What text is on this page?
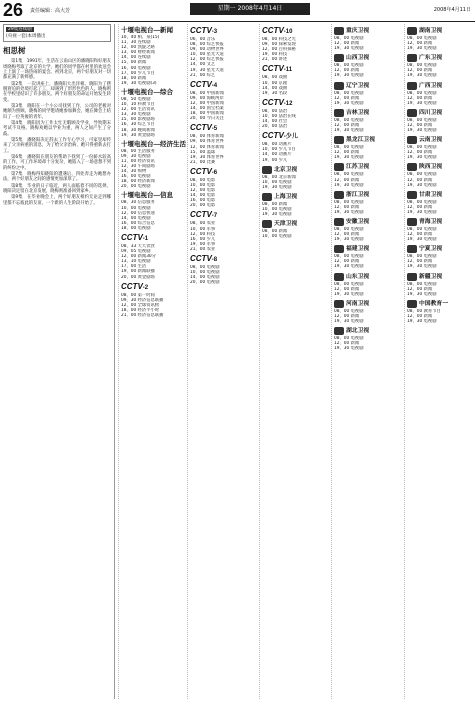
26 责任编辑：高大芳	星期一 2008年4月14日	2008年4月11日
29集连续剧
(央视一套)本周播出
相思树
第1集　1991年，生活在云南山区的潘晓阳和好朋友周晓梅考取了北京的大学，她们的同学都在村里的欢送会上上演了一场热闹的宴会。初到北京，两个好朋友对一切都充满了新鲜感。
第2集　一次讲座上，潘晓阳大出洋相。晓阳为了摆脱窘迫的处境打起了工，却遇到了形形色色的人。晓梅则在学校里结识了许多朋友。两个好朋友的命运开始发生转变。
第3集　晓阳在一个小公司找到工作，公司的老板对她颇为照顾。晓梅的同学邀请她参加舞会，她在舞会上结识了一位英俊的青年。
第4集　晓阳因为工作太忙无暇顾及学业，导致期末考试不及格。晓梅劝她以学业为重，两人之间产生了分歧。
第5集　潘晓阳决定辞去工作专心学习，可家里却传来了父亲病重的消息，为了给父亲治病，她只得重新去打工。
第6集　潘晓阳在朋友的帮助下找到了一份薪水较高的工作，可工作环境却十分复杂，她陷入了一场意想不到的纠纷之中。
第7集　晓梅得知晓阳的遭遇后，四处奔走为她想办法，两个好朋友之间的感情更加深厚了。
第8集　毕业的日子临近，两人面临着不同的选择，晓阳决定留在北京发展，晓梅则准备回到家乡。
第9集　在毕业晚会上，两个好朋友相约无论走到哪里都不忘彼此的友谊，一个新的人生阶段开始了。
十堰电视台—新闻
10、40 相、泉(15)
11、30 连续剧
12、00 凯旋之路
13、00 财经新闻
14、00 连续剧
15、00 新闻
16、00 电视剧
17、00 少儿节目
18、00 新闻
19、30 电视剧(3)
十堰电视台—综合
08、50 电视剧
10、10 科教节目
12、00 生活资讯
13、30 电视剧
15、00 影视剧场
16、30 综艺节目
18、30 晚间新闻
19、30 黄金剧场
十堰电视台—经济生活
08、00 生活服务
09、30 电视剧
11、00 经济资讯
12、30 午间剧场
14、30 购物
16、00 电视剧
18、00 经济新闻
20、00 电视剧
十堰电视台—信息
08、30 信息服务
10、00 电视剧
12、00 信息快递
14、00 电视剧
16、00 综合信息
18、00 电视剧
CCTV-1
08、33 天天饮食
09、05 电视剧
12、00 新闻30分
13、10 电视剧
17、00 生活
19、00 新闻联播
20、00 黄金剧场
CCTV-2
08、00 第一时间
09、30 经济信息联播
12、00 全球资讯榜
18、00 经济半小时
21、00 经济信息联播
CCTV-3
06、00 音乐
08、00 综艺快报
09、00 动物世界
10、00 星光大道
12、00 综艺快报
14、00 文艺
19、30 星光大道
21、00 综艺
CCTV-4
08、00 中国新闻
09、00 海峡两岸
12、00 中国新闻
14、00 国宝档案
18、00 中国新闻
20、00 今日关注
CCTV-5
08、00 体育新闻
09、00 体育世界
12、00 体育新闻
15、00 篮球
19、30 体育世界
21、00 比赛
CCTV-6
08、00 电影
10、00 电影
12、00 电影
14、00 电影
16、00 电影
20、00 电影
CCTV-7
08、00 农业
10、00 军事
12、00 科技
16、00 少儿
19、00 军事
21、00 农业
CCTV-8
08、00 电视剧
10、00 电视剧
14、00 电视剧
20、00 电视剧
CCTV-10
08、00 科技之光
09、00 探索发现
12、00 百科探秘
19、00 科技
21、00 讲述
CCTV-11
08、00 戏曲
10、00 京剧
14、00 戏曲
19、30 名段
CCTV-12
08、00 法治
10、00 法治在线
14、00 社会
20、00 法治
CCTV-少儿
08、00 动画片
10、00 少儿节目
14、00 动画片
19、00 少儿
北京卫视
08、00 北京新闻
10、00 电视剧
19、30 电视剧
上海卫视
08、00 新闻
10、00 电视剧
19、30 电视剧
天津卫视
08、00 新闻
10、00 电视剧
重庆卫视
08、00 电视剧
12、00 新闻
19、30 电视剧
山西卫视
08、00 电视剧
12、00 新闻
19、30 电视剧
辽宁卫视
08、00 电视剧
12、00 新闻
19、30 电视剧
吉林卫视
08、00 电视剧
12、00 新闻
19、30 电视剧
黑龙江卫视
08、00 电视剧
12、00 新闻
19、30 电视剧
江苏卫视
08、00 电视剧
12、00 新闻
19、30 电视剧
浙江卫视
08、00 电视剧
12、00 新闻
19、30 电视剧
安徽卫视
08、00 电视剧
12、00 新闻
19、30 电视剧
福建卫视
08、00 电视剧
12、00 新闻
19、30 电视剧
山东卫视
08、00 电视剧
12、00 新闻
19、30 电视剧
河南卫视
08、00 电视剧
12、00 新闻
19、30 电视剧
湖北卫视
08、00 电视剧
12、00 新闻
19、30 电视剧
湖南卫视
08、00 电视剧
12、00 新闻
19、30 电视剧
广东卫视
08、00 电视剧
12、00 新闻
19、30 电视剧
广西卫视
08、00 电视剧
12、00 新闻
19、30 电视剧
四川卫视
08、00 电视剧
12、00 新闻
19、30 电视剧
云南卫视
08、00 电视剧
12、00 新闻
19、30 电视剧
陕西卫视
08、00 电视剧
12、00 新闻
19、30 电视剧
甘肃卫视
08、00 电视剧
12、00 新闻
19、30 电视剧
青海卫视
08、00 电视剧
12、00 新闻
19、30 电视剧
宁夏卫视
08、00 电视剧
12、00 新闻
19、30 电视剧
新疆卫视
08、00 电视剧
12、00 新闻
19、30 电视剧
中国教育一
08、00 教育节目
12、00 新闻
19、30 电视剧
